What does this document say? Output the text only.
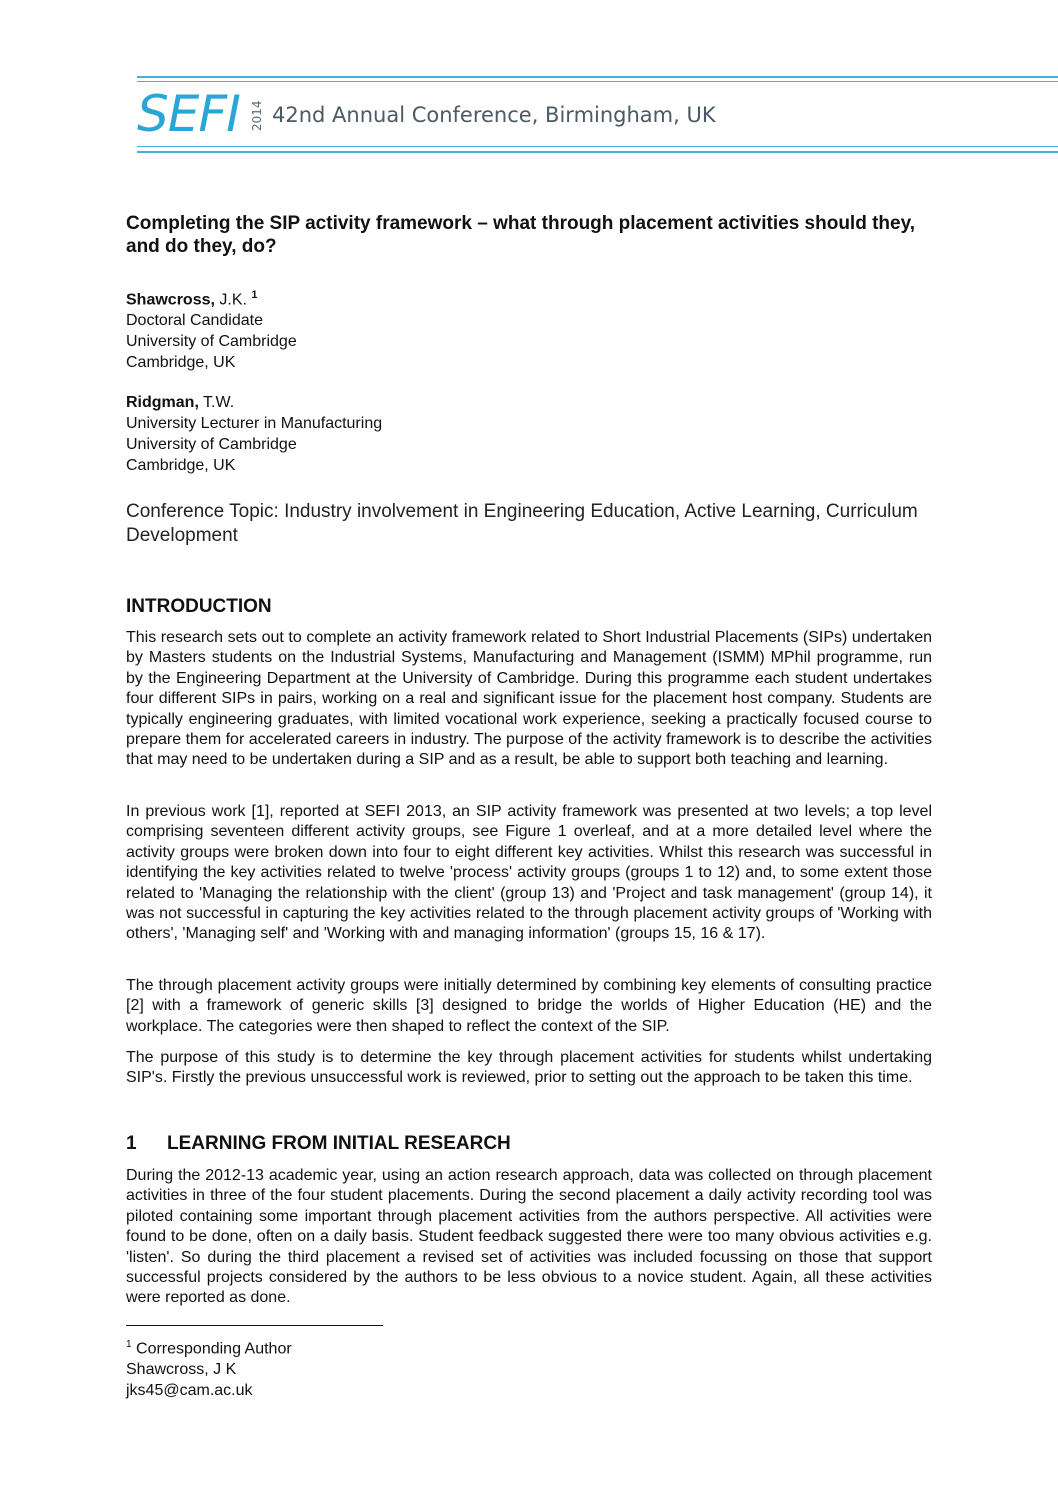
SEFI 2014 42nd Annual Conference, Birmingham, UK
Completing the SIP activity framework – what through placement activities should they, and do they, do?

Shawcross, J.K. $^1$

Doctoral Candidate

University of Cambridge

Cambridge, UK

Ridgman, T.W.

University Lecturer in Manufacturing

University of Cambridge

Cambridge, UK

Conference Topic: Industry involvement in Engineering Education, Active Learning, Curriculum Development

INTRODUCTION

This research sets out to complete an activity framework related to Short Industrial Placements (SIPs) undertaken by Masters students on the Industrial Systems, Manufacturing and Management (ISMM) MPhil programme, run by the Engineering Department at the University of Cambridge. During this programme each student undertakes four different SIPs in pairs, working on a real and significant issue for the placement host company. Students are typically engineering graduates, with limited vocational work experience, seeking a practically focused course to prepare them for accelerated careers in industry. The purpose of the activity framework is to describe the activities that may need to be undertaken during a SIP and as a result, be able to support both teaching and learning.

In previous work [1], reported at SEFI 2013, an SIP activity framework was presented at two levels; a top level comprising seventeen different activity groups, see Figure 1 overleaf, and at a more detailed level where the activity groups were broken down into four to eight different key activities. Whilst this research was successful in identifying the key activities related to twelve 'process' activity groups (groups 1 to 12) and, to some extent those related to 'Managing the relationship with the client' (group 13) and 'Project and task management' (group 14), it was not successful in capturing the key activities related to the through placement activity groups of 'Working with others', 'Managing self' and 'Working with and managing information' (groups 15, 16 & 17).

The through placement activity groups were initially determined by combining key elements of consulting practice [2] with a framework of generic skills [3] designed to bridge the worlds of Higher Education (HE) and the workplace. The categories were then shaped to reflect the context of the SIP.

The purpose of this study is to determine the key through placement activities for students whilst undertaking SIP's. Firstly the previous unsuccessful work is reviewed, prior to setting out the approach to be taken this time.

1 LEARNING FROM INITIAL RESEARCH

During the 2012-13 academic year, using an action research approach, data was collected on through placement activities in three of the four student placements. During the second placement a daily activity recording tool was piloted containing some important through placement activities from the authors perspective. All activities were found to be done, often on a daily basis. Student feedback suggested there were too many obvious activities e.g. 'listen'. So during the third placement a revised set of activities was included focussing on those that support successful projects considered by the authors to be less obvious to a novice student. Again, all these activities were reported as done.

$^1$ Corresponding Author
Shawcross, J K
jks45@cam.ac.uk
